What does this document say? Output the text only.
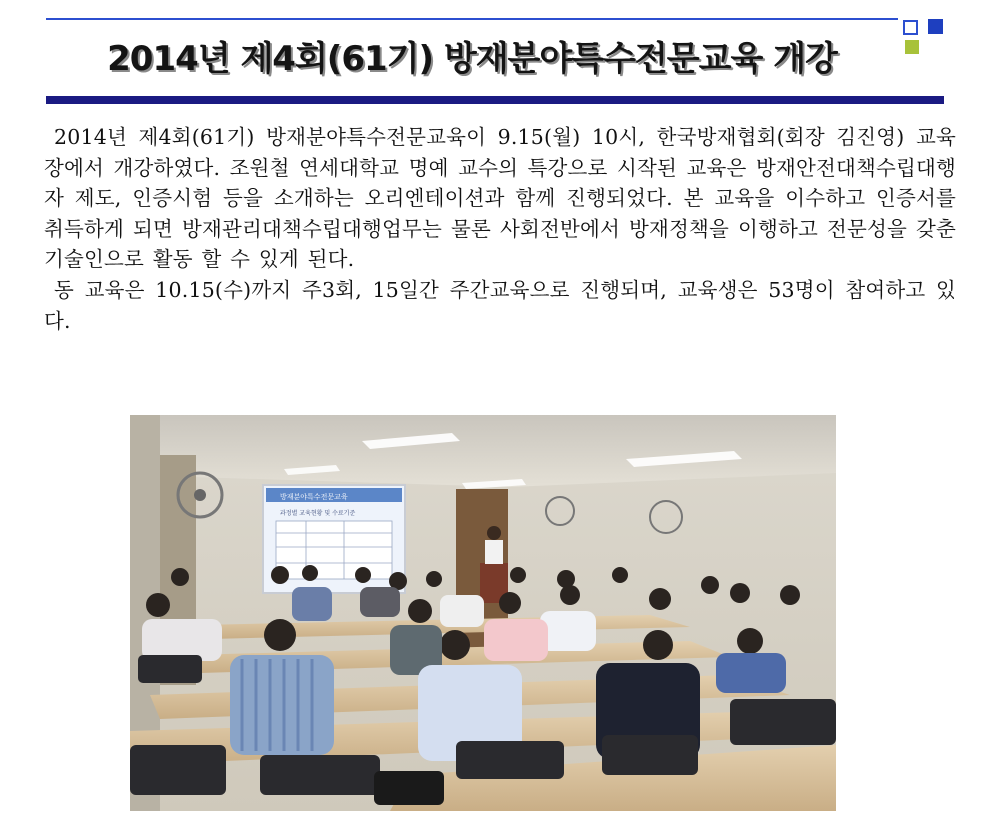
2014년 제4회(61기) 방재분야특수전문교육 개강

2014년 제4회(61기) 방재분야특수전문교육이 9.15(월) 10시, 한국방재협회(회장 김진영) 교육장에서 개강하였다. 조원철 연세대학교 명예 교수의 특강으로 시작된 교육은 방재안전대책수립대행자 제도, 인증시험 등을 소개하는 오리엔테이션과 함께 진행되었다. 본 교육을 이수하고 인증서를 취득하게 되면 방재관리대책수립대행업무는 물론 사회전반에서 방재정책을 이행하고 전문성을 갖춘 기술인으로 활동 할 수 있게 된다.

동 교육은 10.15(수)까지 주3회, 15일간 주간교육으로 진행되며, 교육생은 53명이 참여하고 있다.

방재분야특수전문교육
과정별 교육현황 및 수료기준
